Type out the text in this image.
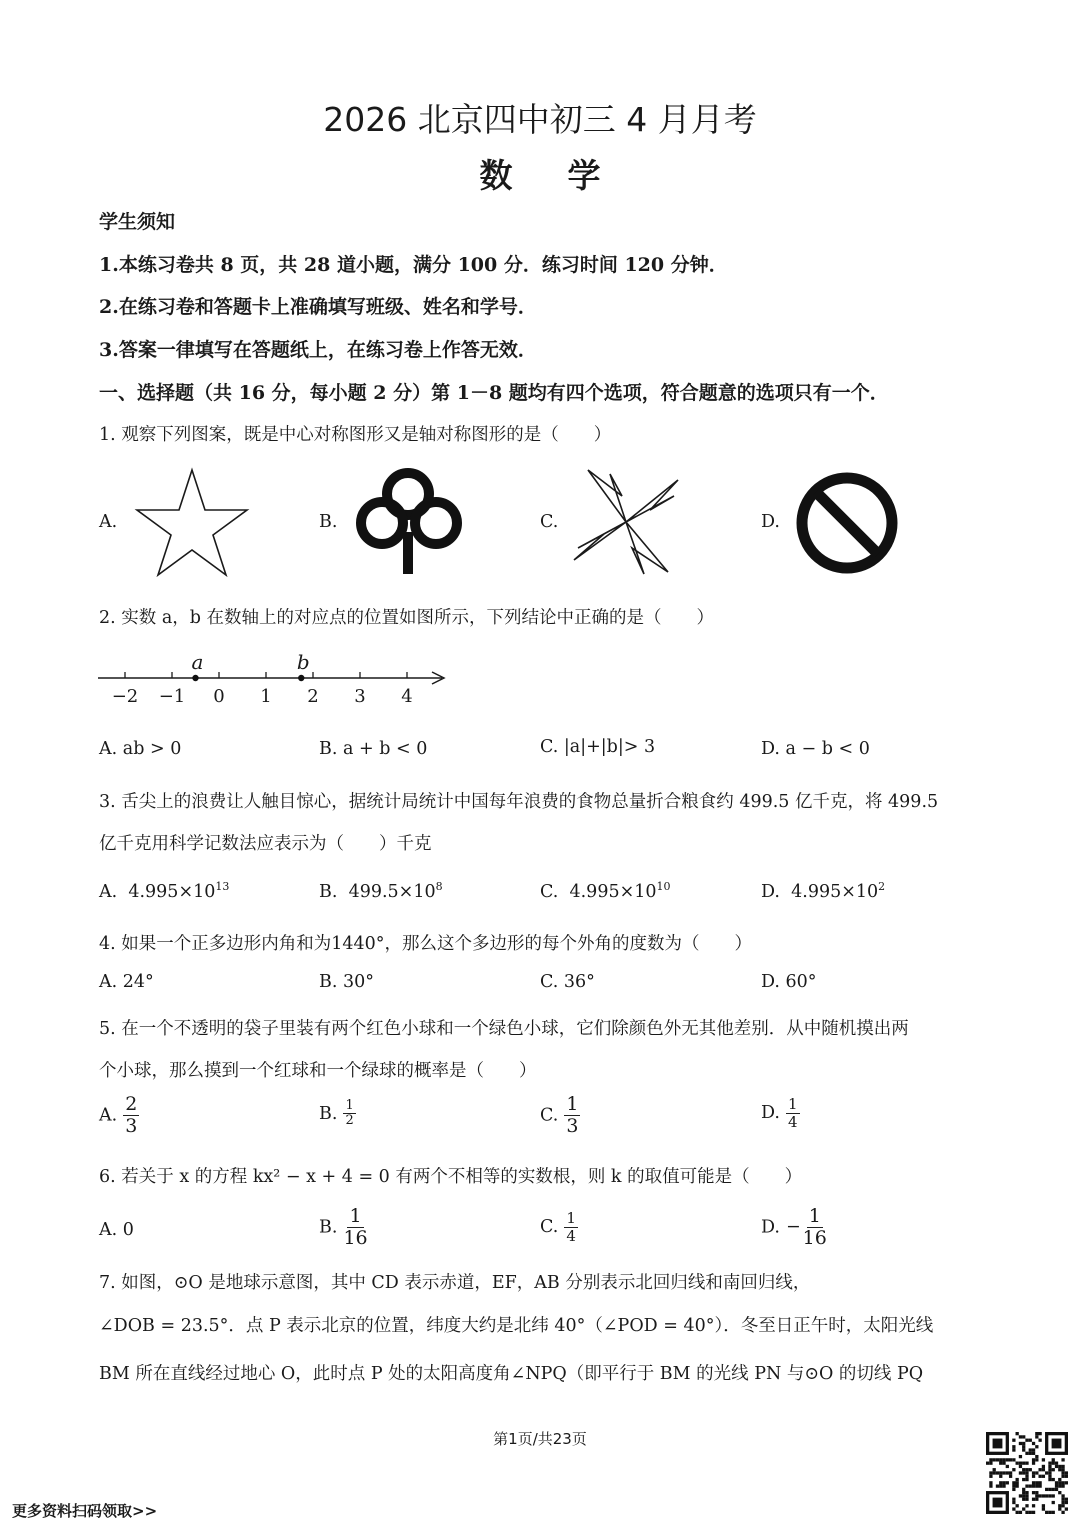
2026 北京四中初三 4 月月考
数学
学生须知
1.本练习卷共 8 页，共 28 道小题，满分 100 分．练习时间 120 分钟．
2.在练习卷和答题卡上准确填写班级、姓名和学号．
3.答案一律填写在答题纸上，在练习卷上作答无效．
一、选择题（共 16 分，每小题 2 分）第 1－8 题均有四个选项，符合题意的选项只有一个．
1. 观察下列图案，既是中心对称图形又是轴对称图形的是（　　）
A.	B.	C.	D.
2. 实数 a，b 在数轴上的对应点的位置如图所示，下列结论中正确的是（　　）
−2 −1 0 1 2 3 4
a	b
A. ab > 0	B. a + b < 0	C. |a|+|b|> 3	D. a − b < 0
3. 舌尖上的浪费让人触目惊心，据统计局统计中国每年浪费的食物总量折合粮食约 499.5 亿千克，将 499.5
亿千克用科学记数法应表示为（　　）千克
A. $4.995\times 10^{13}$	B. $499.5\times 10^8$	C. $4.995\times 10^{10}$	D. $4.995\times 10^2$
4. 如果一个正多边形内角和为1440°，那么这个多边形的每个外角的度数为（　　）
A. 24°	B. 30°	C. 36°	D. 60°
5. 在一个不透明的袋子里装有两个红色小球和一个绿色小球，它们除颜色外无其他差别．从中随机摸出两
个小球，那么摸到一个红球和一个绿球的概率是（　　）
A. $\frac{2}{3}$	B. $\frac{1}{2}$	C. $\frac{1}{3}$	D. $\frac{1}{4}$
6. 若关于 x 的方程 kx² − x + 4 = 0 有两个不相等的实数根，则 k 的取值可能是（　　）
A. 0	B. $\frac{1}{16}$	C. $\frac{1}{4}$	D. − $\frac{1}{16}$
7. 如图，⊙O 是地球示意图，其中 CD 表示赤道，EF，AB 分别表示北回归线和南回归线，
∠DOB = 23.5°．点 P 表示北京的位置，纬度大约是北纬 40°（∠POD = 40°）．冬至日正午时，太阳光线
BM 所在直线经过地心 O，此时点 P 处的太阳高度角∠NPQ（即平行于 BM 的光线 PN 与⊙O 的切线 PQ
第1页/共23页
更多资料扫码领取>>
